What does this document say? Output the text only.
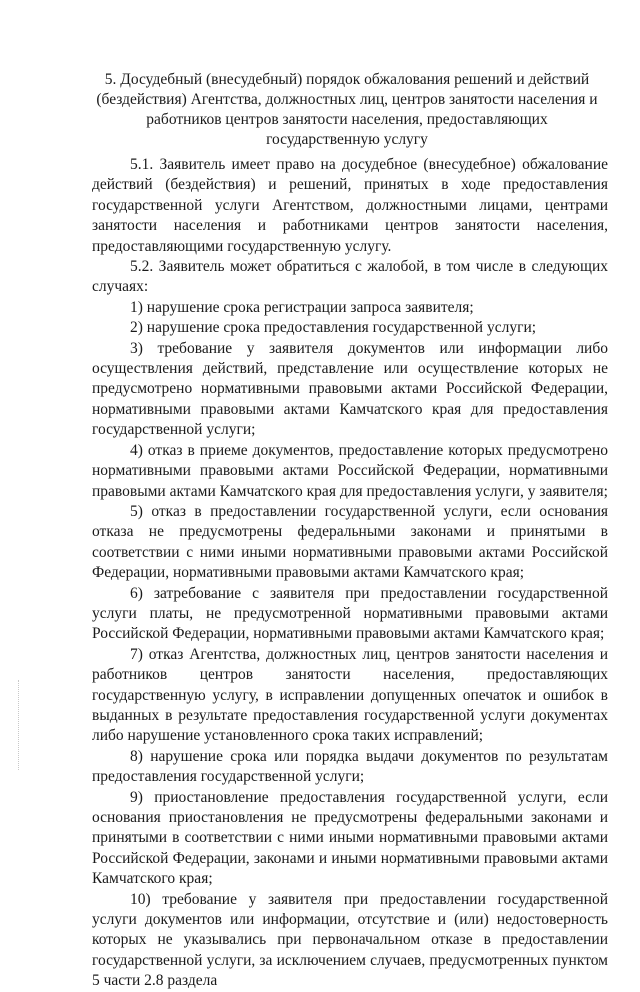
5. Досудебный (внесудебный) порядок обжалования решений и действий (бездействия) Агентства, должностных лиц, центров занятости населения и работников центров занятости населения, предоставляющих государственную услугу

5.1. Заявитель имеет право на досудебное (внесудебное) обжалование действий (бездействия) и решений, принятых в ходе предоставления государственной услуги Агентством, должностными лицами, центрами занятости населения и работниками центров занятости населения, предоставляющими государственную услугу.

5.2. Заявитель может обратиться с жалобой, в том числе в следующих случаях:

1) нарушение срока регистрации запроса заявителя;

2) нарушение срока предоставления государственной услуги;

3) требование у заявителя документов или информации либо осуществления действий, представление или осуществление которых не предусмотрено нормативными правовыми актами Российской Федерации, нормативными правовыми актами Камчатского края для предоставления государственной услуги;

4) отказ в приеме документов, предоставление которых предусмотрено нормативными правовыми актами Российской Федерации, нормативными правовыми актами Камчатского края для предоставления услуги, у заявителя;

5) отказ в предоставлении государственной услуги, если основания отказа не предусмотрены федеральными законами и принятыми в соответствии с ними иными нормативными правовыми актами Российской Федерации, нормативными правовыми актами Камчатского края;

6) затребование с заявителя при предоставлении государственной услуги платы, не предусмотренной нормативными правовыми актами Российской Федерации, нормативными правовыми актами Камчатского края;

7) отказ Агентства, должностных лиц, центров занятости населения и работников центров занятости населения, предоставляющих государственную услугу, в исправлении допущенных опечаток и ошибок в выданных в результате предоставления государственной услуги документах либо нарушение установленного срока таких исправлений;

8) нарушение срока или порядка выдачи документов по результатам предоставления государственной услуги;

9) приостановление предоставления государственной услуги, если основания приостановления не предусмотрены федеральными законами и принятыми в соответствии с ними иными нормативными правовыми актами Российской Федерации, законами и иными нормативными правовыми актами Камчатского края;

10) требование у заявителя при предоставлении государственной услуги документов или информации, отсутствие и (или) недостоверность которых не указывались при первоначальном отказе в предоставлении государственной услуги, за исключением случаев, предусмотренных пунктом 5 части 2.8 раздела
